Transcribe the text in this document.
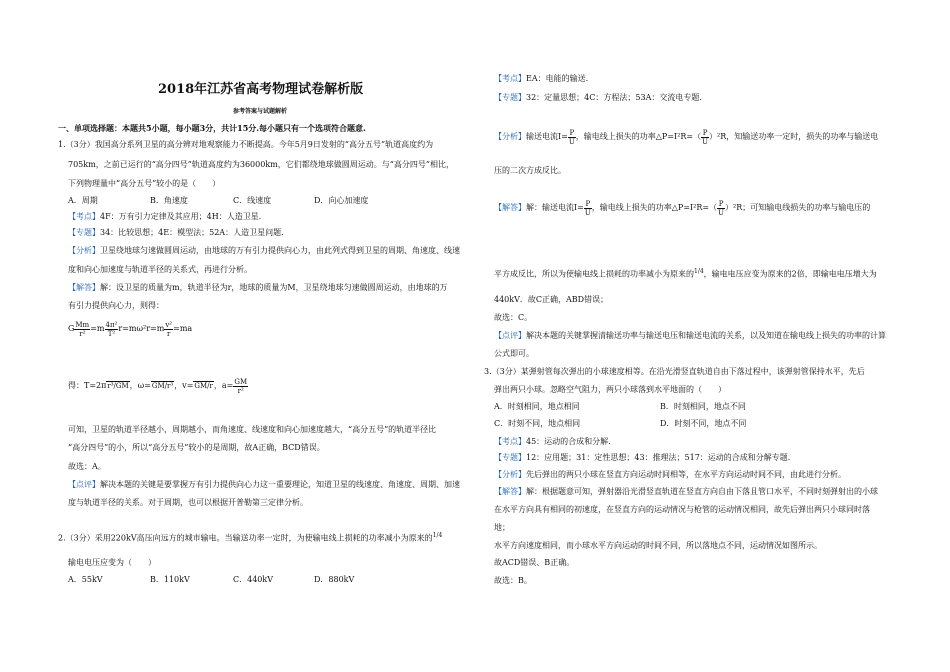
2018年江苏省高考物理试卷解析版
参考答案与试题解析
一、单项选择题：本题共5小题，每小题3分，共计15分.每小题只有一个选项符合题意.
1.（3分）我国高分系列卫星的高分辨对地观察能力不断提高。今年5月9日发射的“高分五号”轨道高度约为
705km，之前已运行的“高分四号”轨道高度约为36000km，它们都绕地球做圆周运动。与“高分四号”相比，
下列物理量中“高分五号”较小的是（　　）
A．周期	B．角速度	C．线速度	D．向心加速度
【考点】4F：万有引力定律及其应用；4H：人造卫星.
【专题】34：比较思想；4E：模型法；52A：人造卫星问题.
【分析】卫星绕地球匀速做圆周运动，由地球的万有引力提供向心力，由此列式得到卫星的周期、角速度、线速
度和向心加速度与轨道半径的关系式，再进行分析。
【解答】解：设卫星的质量为m，轨道半径为r，地球的质量为M，卫星绕地球匀速做圆周运动，由地球的万
有引力提供向心力，则得：
G $\frac{Mm}{\text{r²}} =m \frac{\text{4π²}}{\text{T²}} r=m\omega^2r=m \frac{\text{v²}}{r} =ma$
得：T=2πr³/GM，ω=GM/r³，v=GM/r，$a= \frac{GM}{\text{r²}}$
可知，卫星的轨道半径越小，周期越小，而角速度、线速度和向心加速度越大，“高分五号”的轨道半径比
“高分四号”的小，所以“高分五号”较小的是周期，故A正确，BCD错误。
故选：A。
【点评】解决本题的关键是要掌握万有引力提供向心力这一重要理论，知道卫星的线速度、角速度、周期、加速
度与轨道半径的关系。对于周期，也可以根据开普勒第三定律分析。
2.（3分）采用220kV高压向远方的城市输电。当输送功率一定时，为使输电线上损耗的功率减小为原来的$^{1/4}$
输电电压应变为（　　）
A．55kV	B．110kV	C．440kV	D．880kV
【考点】EA：电能的输送.
【专题】32：定量思想；4C：方程法；53A：交流电专题.
【分析】输送电流$I= \frac{P}{U}$ ，输电线上损失的功率△P=I²R=（ $\frac{P}{U} )^2R$，知输送功率一定时，损失的功率与输送电
压的二次方成反比。
【解答】解：输送电流$I= \frac{P}{U}$ ，输电线上损失的功率△P=I²R=（ $\frac{P}{U} )^2R$；可知输电线损失的功率与输电压的
平方成反比，所以为使输电线上损耗的功率减小为原来的$^{1/4}$，输电电压应变为原来的2倍，即输电电压增大为
440kV．故C正确，ABD错误；
故选：C。
【点评】解决本题的关键掌握清输送功率与输送电压和输送电流的关系，以及知道在输电线上损失的功率的计算
公式即可。
3.（3分）某弹射管每次弹出的小球速度相等。在沿光滑竖直轨道自由下落过程中，该弹射管保持水平，先后
弹出两只小球。忽略空气阻力，两只小球落到水平地面的（　　）
A．时刻相同，地点相同	B．时刻相同，地点不同
C．时刻不同，地点相同	D．时刻不同，地点不同
【考点】45：运动的合成和分解.
【专题】12：应用题；31：定性思想；43：推理法；517：运动的合成和分解专题.
【分析】先后弹出的两只小球在竖直方向运动时间相等，在水平方向运动时间不同，由此进行分析。
【解答】解：根据题意可知，弹射器沿光滑竖直轨道在竖直方向自由下落且管口水平，不同时刻弹射出的小球
在水平方向具有相同的初速度，在竖直方向的运动情况与枪管的运动情况相同，故先后弹出两只小球同时落
地；
水平方向速度相同，而小球水平方向运动的时间不同，所以落地点不同，运动情况如图所示。
故ACD错误、B正确。
故选：B。
